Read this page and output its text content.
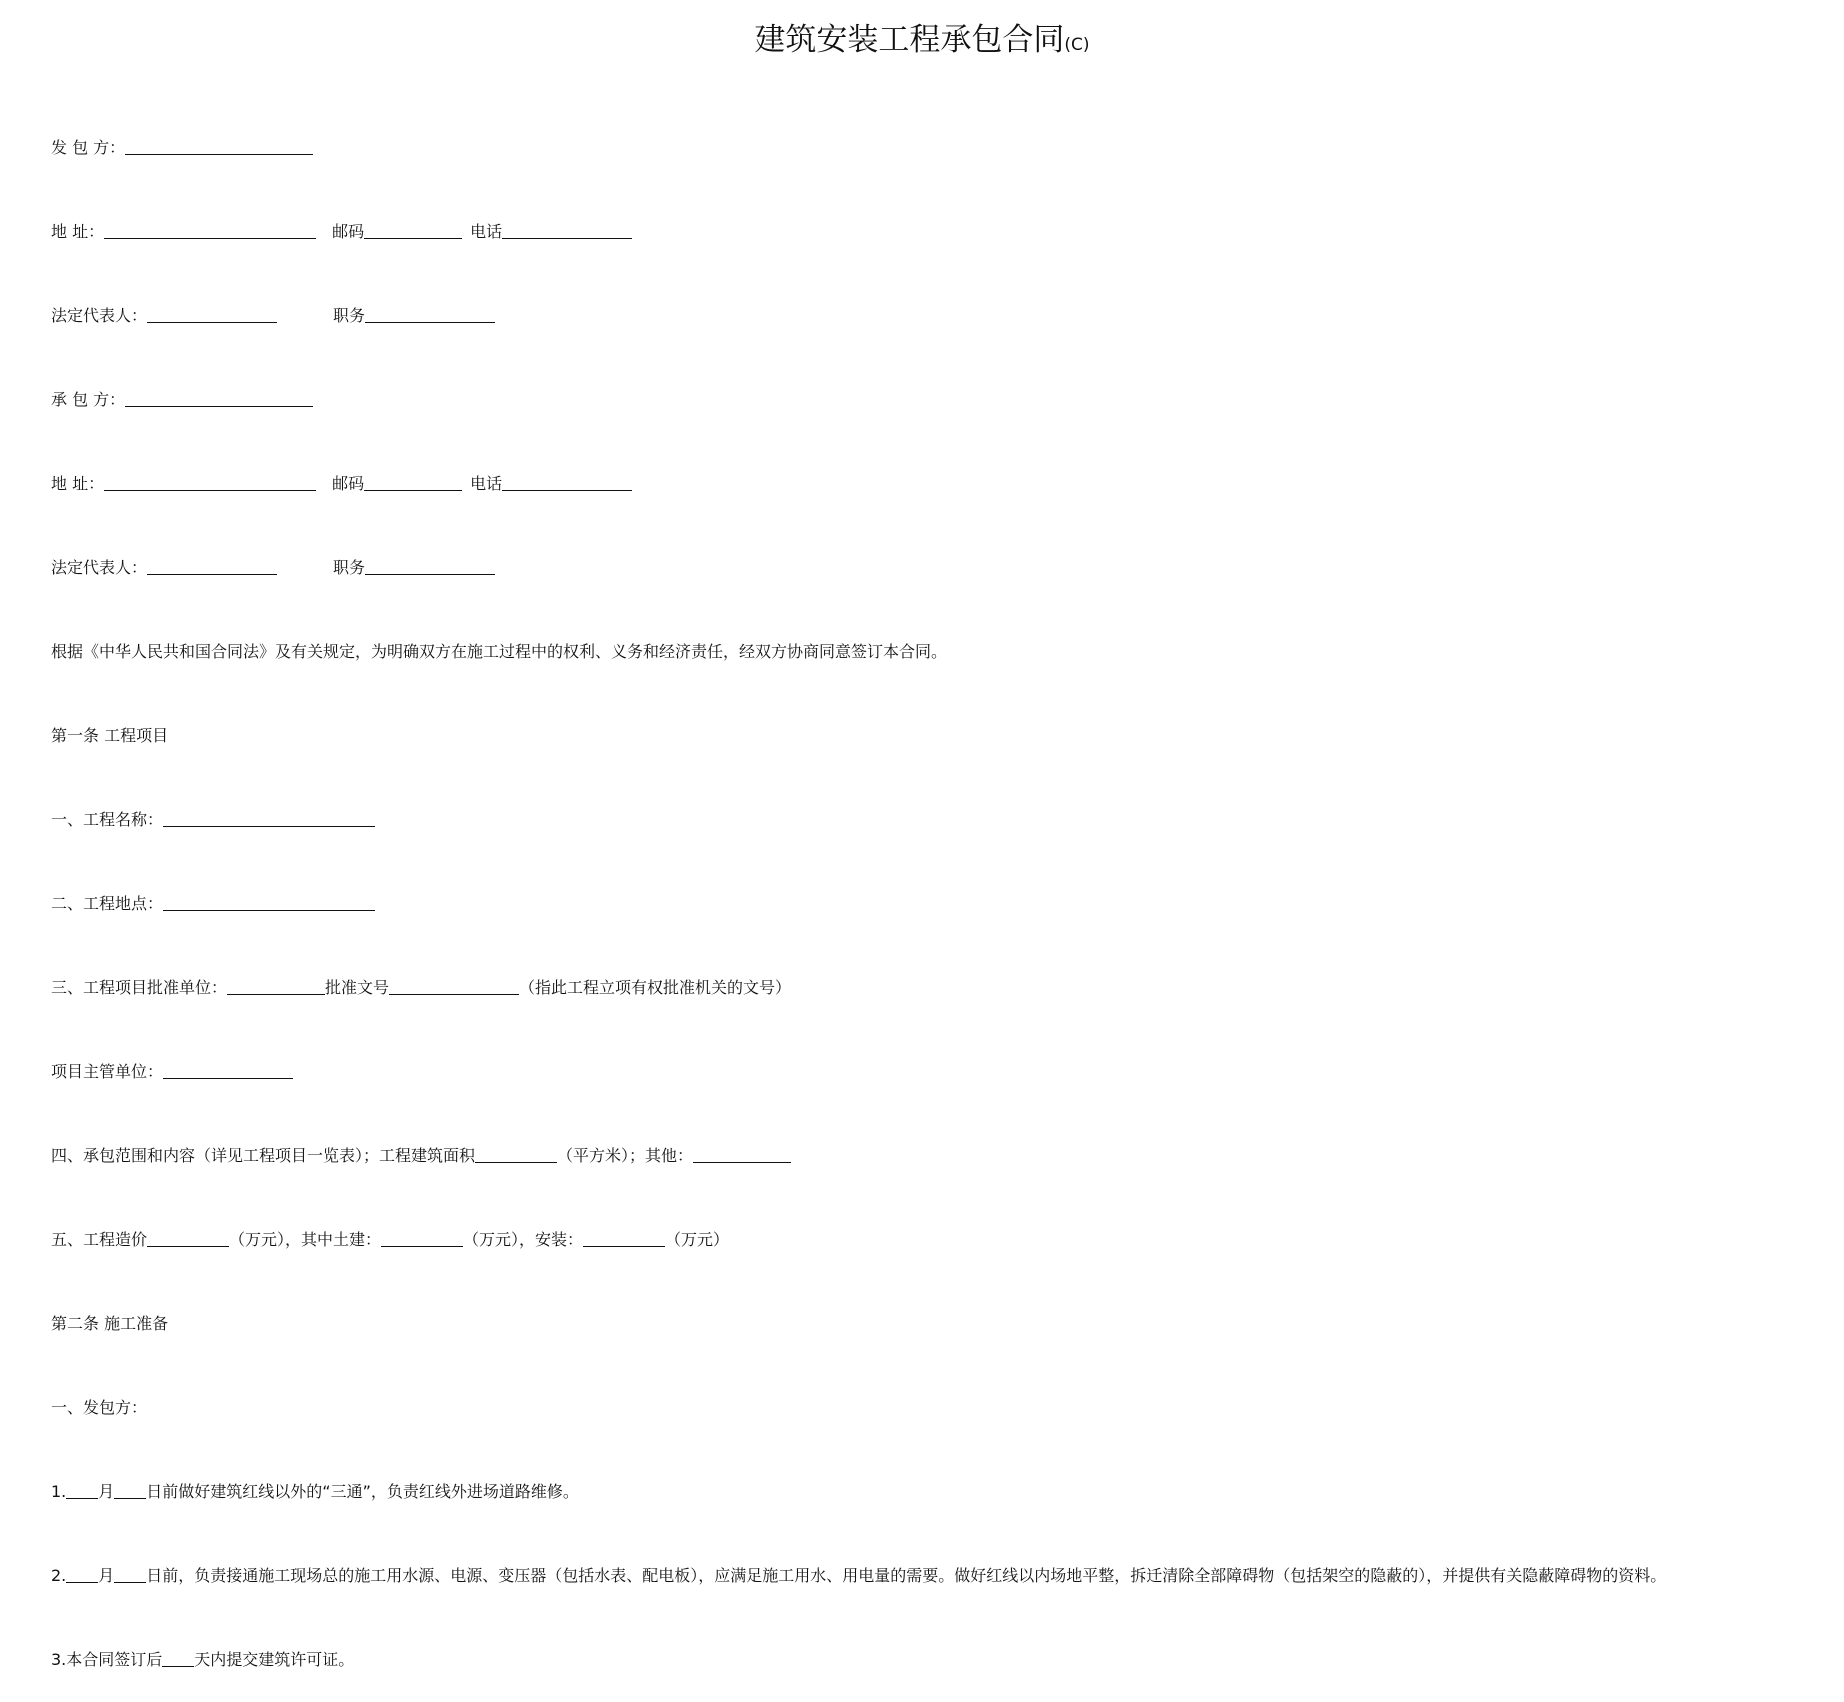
建筑安装工程承包合同(C)
发 包 方：
地 址：	邮码	电话
法定代表人：	职务
承 包 方：
地 址：	邮码	电话
法定代表人：	职务
根据《中华人民共和国合同法》及有关规定，为明确双方在施工过程中的权利、义务和经济责任，经双方协商同意签订本合同。
第一条 工程项目
一、工程名称：
二、工程地点：
三、工程项目批准单位：	批准文号	（指此工程立项有权批准机关的文号）
项目主管单位：
四、承包范围和内容（详见工程项目一览表）；工程建筑面积	（平方米）；其他：
五、工程造价	（万元），其中土建：	（万元），安装：	（万元）
第二条 施工准备
一、发包方：
1. 月 日前做好建筑红线以外的“三通”，负责红线外进场道路维修。
2. 月 日前，负责接通施工现场总的施工用水源、电源、变压器（包括水表、配电板），应满足施工用水、用电量的需要。做好红线以内场地平整，拆迁清除全部障碍物（包括架空的隐蔽的），并提供有关隐蔽障碍物的资料。
3.本合同签订后 天内提交建筑许可证。
